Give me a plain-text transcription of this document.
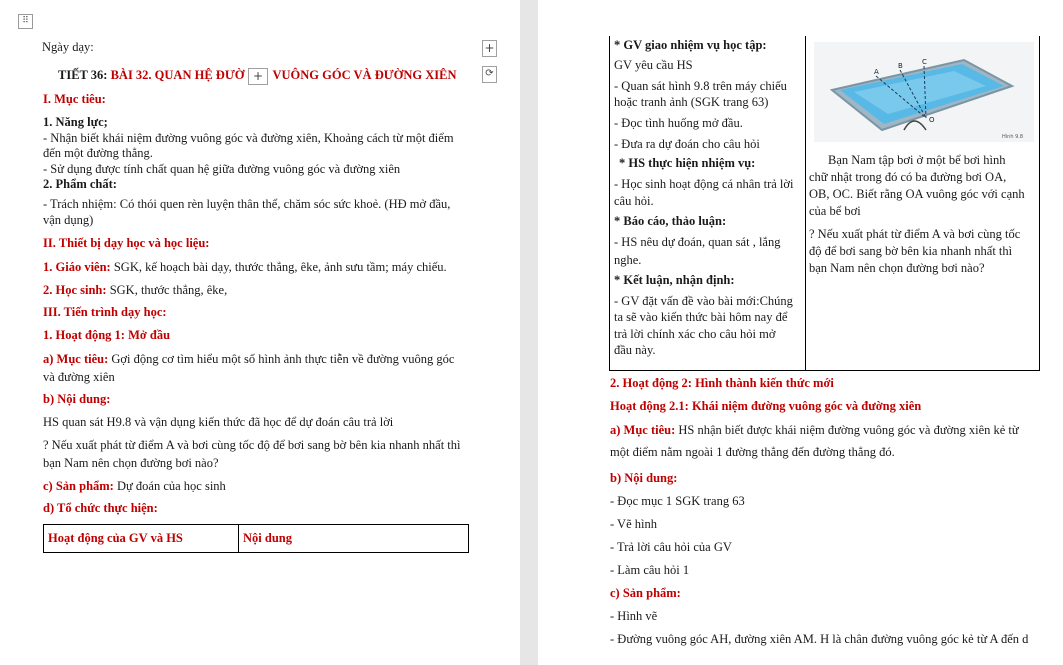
⠿
Ngày dạy:
TIẾT 36: BÀI 32. QUAN HỆ ĐƯỜ VUÔNG GÓC VÀ ĐƯỜNG XIÊN
+
I. Mục tiêu:
1. Năng lực;
- Nhận biết khái niệm đường vuông góc và đường xiên, Khoảng cách từ một điểm
đến một đường thẳng.
- Sử dụng được tính chất quan hệ giữa đường vuông góc và đường xiên
2. Phẩm chất:
- Trách nhiệm: Có thói quen rèn luyện thân thể, chăm sóc sức khoẻ. (HĐ mở đầu,
vận dụng)
II. Thiết bị dạy học và học liệu:
1. Giáo viên: SGK, kế hoạch bài dạy, thước thẳng, êke, ảnh sưu tầm; máy chiếu.
2. Học sinh: SGK, thước thẳng, êke,
III. Tiến trình dạy học:
1. Hoạt động 1: Mở đầu
a) Mục tiêu: Gợi động cơ tìm hiểu một số hình ảnh thực tiễn về đường vuông góc
và đường xiên
b) Nội dung:
HS quan sát H9.8 và vận dụng kiến thức đã học để dự đoán câu trả lời
? Nếu xuất phát từ điểm A và bơi cùng tốc độ để bơi sang bờ bên kia nhanh nhất thì
bạn Nam nên chọn đường bơi nào?
c) Sản phẩm: Dự đoán của học sinh
d) Tổ chức thực hiện:
Hoạt động của GV và HS	Nội dung
+
⟳
* GV giao nhiệm vụ học tập:
GV yêu cầu HS
- Quan sát hình 9.8 trên máy chiếu
hoặc tranh ảnh (SGK trang 63)
- Đọc tình huống mở đầu.
- Đưa ra dự đoán cho câu hỏi
* HS thực hiện nhiệm vụ:
- Học sinh hoạt động cá nhân trả lời
câu hỏi.
* Báo cáo, thảo luận:
- HS nêu dự đoán, quan sát , lắng
nghe.
* Kết luận, nhận định:
- GV đặt vấn đề vào bài mới:Chúng
ta sẽ vào kiến thức bài hôm nay để
trả lời chính xác cho câu hỏi mở
đầu này.
A
B	C
O
Hình 9.8
Bạn Nam tập bơi ở một bể bơi hình
chữ nhật trong đó có ba đường bơi OA,
OB, OC. Biết rằng OA vuông góc với cạnh
của bể bơi
? Nếu xuất phát từ điểm A và bơi cùng tốc
độ để bơi sang bờ bên kia nhanh nhất thì
bạn Nam nên chọn đường bơi nào?
2. Hoạt động 2: Hình thành kiến thức mới
Hoạt động 2.1: Khái niệm đường vuông góc và đường xiên
a) Mục tiêu: HS nhận biết được khái niệm đường vuông góc và đường xiên kẻ từ
một điểm nằm ngoài 1 đường thẳng đến đường thẳng đó.
b) Nội dung:
- Đọc mục 1 SGK trang 63
- Vẽ hình
- Trả lời câu hỏi của GV
- Làm câu hỏi 1
c) Sản phẩm:
- Hình vẽ
- Đường vuông góc AH, đường xiên AM. H là chân đường vuông góc kẻ từ A đến d
